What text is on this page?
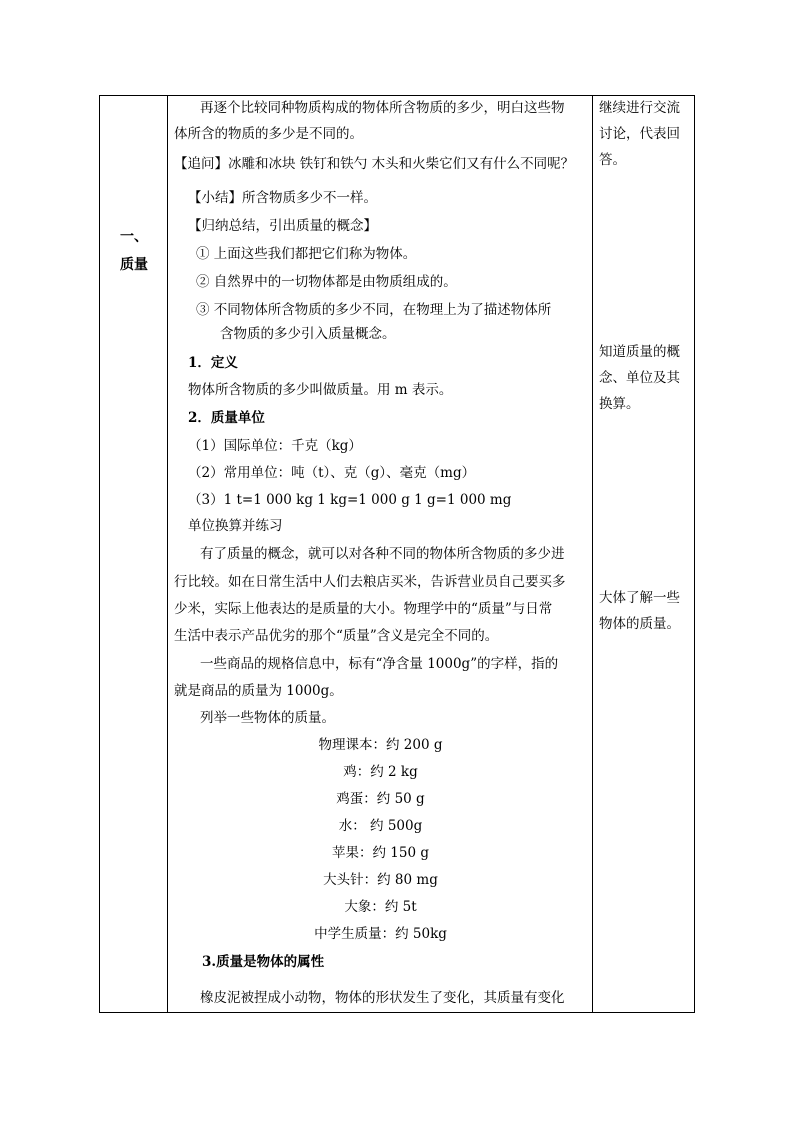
一、
质量
再逐个比较同种物质构成的物体所含物质的多少，明白这些物
体所含的物质的多少是不同的。
【追问】冰雕和冰块 铁钉和铁勺 木头和火柴它们又有什么不同呢？
【小结】所含物质多少不一样。
【归纳总结，引出质量的概念】
① 上面这些我们都把它们称为物体。
② 自然界中的一切物体都是由物质组成的。
③ 不同物体所含物质的多少不同，在物理上为了描述物体所
含物质的多少引入质量概念。
1．定义
物体所含物质的多少叫做质量。用 m 表示。
2．质量单位
（1）国际单位：千克（kg）
（2）常用单位：吨（t）、克（g）、毫克（mg）
（3）1 t=1 000 kg 1 kg=1 000 g 1 g=1 000 mg
单位换算并练习
有了质量的概念，就可以对各种不同的物体所含物质的多少进
行比较。如在日常生活中人们去粮店买米，告诉营业员自己要买多
少米，实际上他表达的是质量的大小。物理学中的“质量”与日常
生活中表示产品优劣的那个“质量”含义是完全不同的。
一些商品的规格信息中，标有“净含量 1000g”的字样，指的
就是商品的质量为 1000g。
列举一些物体的质量。
物理课本：约 200 g
鸡：约 2 kg
鸡蛋：约 50 g
水： 约 500g
苹果：约 150 g
大头针：约 80 mg
大象：约 5t
中学生质量：约 50kg
3.质量是物体的属性
橡皮泥被捏成小动物，物体的形状发生了变化，其质量有变化
继续进行交流
讨论，代表回
答。
知道质量的概
念、单位及其
换算。
大体了解一些
物体的质量。
